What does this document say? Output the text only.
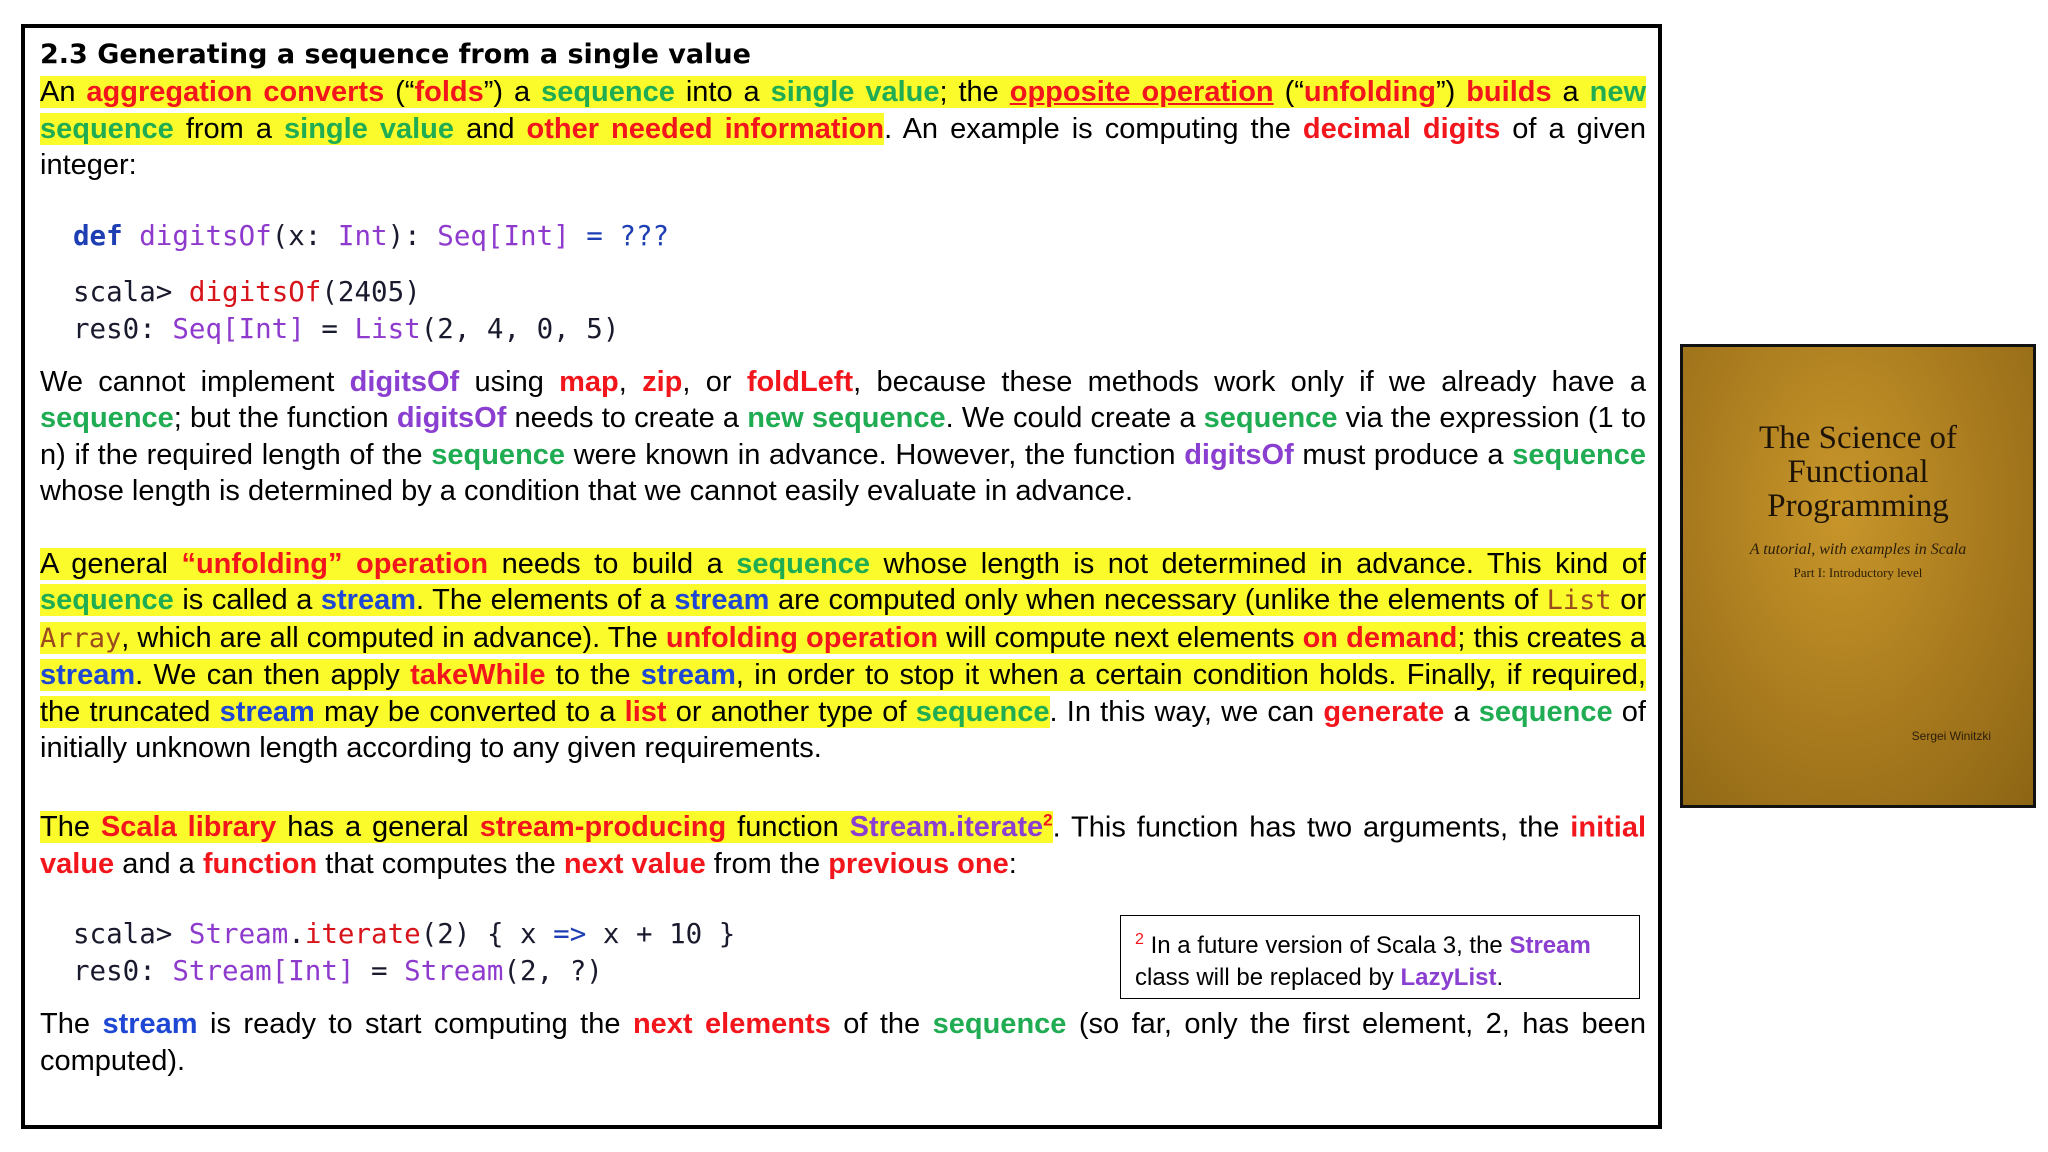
2.3 Generating a sequence from a single value

An aggregation converts (“folds”) a sequence into a single value; the opposite operation (“unfolding”) builds a new sequence from a single value and other needed information. An example is computing the decimal digits of a given integer:

def digitsOf(x: Int): Seq[Int] = ???
scala> digitsOf(2405)
res0: Seq[Int] = List(2, 4, 0, 5)

We cannot implement digitsOf using map, zip, or foldLeft, because these methods work only if we already have a sequence; but the function digitsOf needs to create a new sequence. We could create a sequence via the expression (1 to n) if the required length of the sequence were known in advance. However, the function digitsOf must produce a sequence whose length is determined by a condition that we cannot easily evaluate in advance.

A general “unfolding” operation needs to build a sequence whose length is not determined in advance. This kind of sequence is called a stream. The elements of a stream are computed only when necessary (unlike the elements of List or Array, which are all computed in advance). The unfolding operation will compute next elements on demand; this creates a stream. We can then apply takeWhile to the stream, in order to stop it when a certain condition holds. Finally, if required, the truncated stream may be converted to a list or another type of sequence. In this way, we can generate a sequence of initially unknown length according to any given requirements.

The Scala library has a general stream-producing function Stream.iterate$^2$. This function has two arguments, the initial value and a function that computes the next value from the previous one:

scala> Stream.iterate(2) { x => x + 10 }
res0: Stream[Int] = Stream(2, ?)

The stream is ready to start computing the next elements of the sequence (so far, only the first element, 2, has been computed).

$^2$ In a future version of Scala 3, the Stream class will be replaced by LazyList.
The Science of
Functional
Programming
A tutorial, with examples in Scala
Part I: Introductory level
Sergei Winitzki
